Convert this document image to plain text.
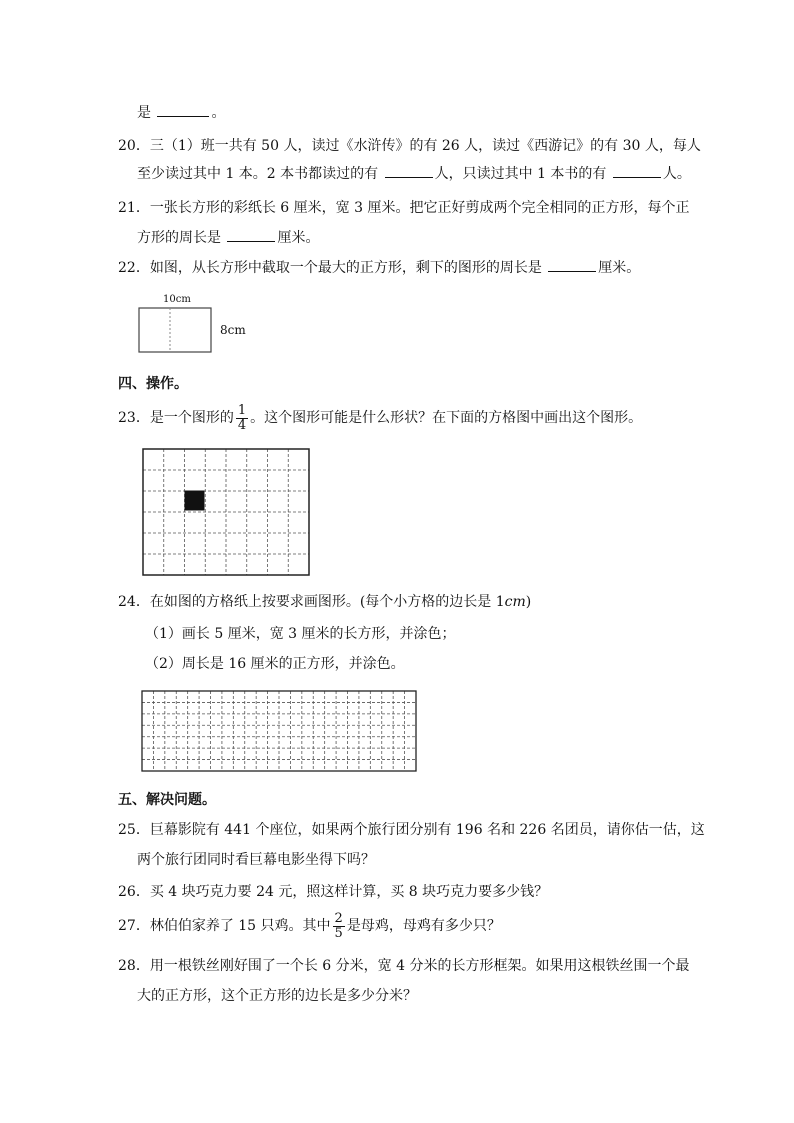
是	。
20．三（1）班一共有 50 人，读过《水浒传》的有 26 人，读过《西游记》的有 30 人，每人
至少读过其中 1 本。2 本书都读过的有	人，只读过其中 1 本书的有	人。
21．一张长方形的彩纸长 6 厘米，宽 3 厘米。把它正好剪成两个完全相同的正方形，每个正
方形的周长是	厘米。
22．如图，从长方形中截取一个最大的正方形，剩下的图形的周长是	厘米。
10cm
8cm
四、操作。
23．是一个图形的 $\frac{1}{4}$ 。这个图形可能是什么形状？在下面的方格图中画出这个图形。
24．在如图的方格纸上按要求画图形。(每个小方格的边长是 1cm)
（1）画长 5 厘米，宽 3 厘米的长方形，并涂色；
（2）周长是 16 厘米的正方形，并涂色。
五、解决问题。
25．巨幕影院有 441 个座位，如果两个旅行团分别有 196 名和 226 名团员，请你估一估，这
两个旅行团同时看巨幕电影坐得下吗？
26．买 4 块巧克力要 24 元，照这样计算，买 8 块巧克力要多少钱？
27．林伯伯家养了 15 只鸡。其中 $\frac{2}{5}$ 是母鸡，母鸡有多少只？
28．用一根铁丝刚好围了一个长 6 分米，宽 4 分米的长方形框架。如果用这根铁丝围一个最
大的正方形，这个正方形的边长是多少分米？
